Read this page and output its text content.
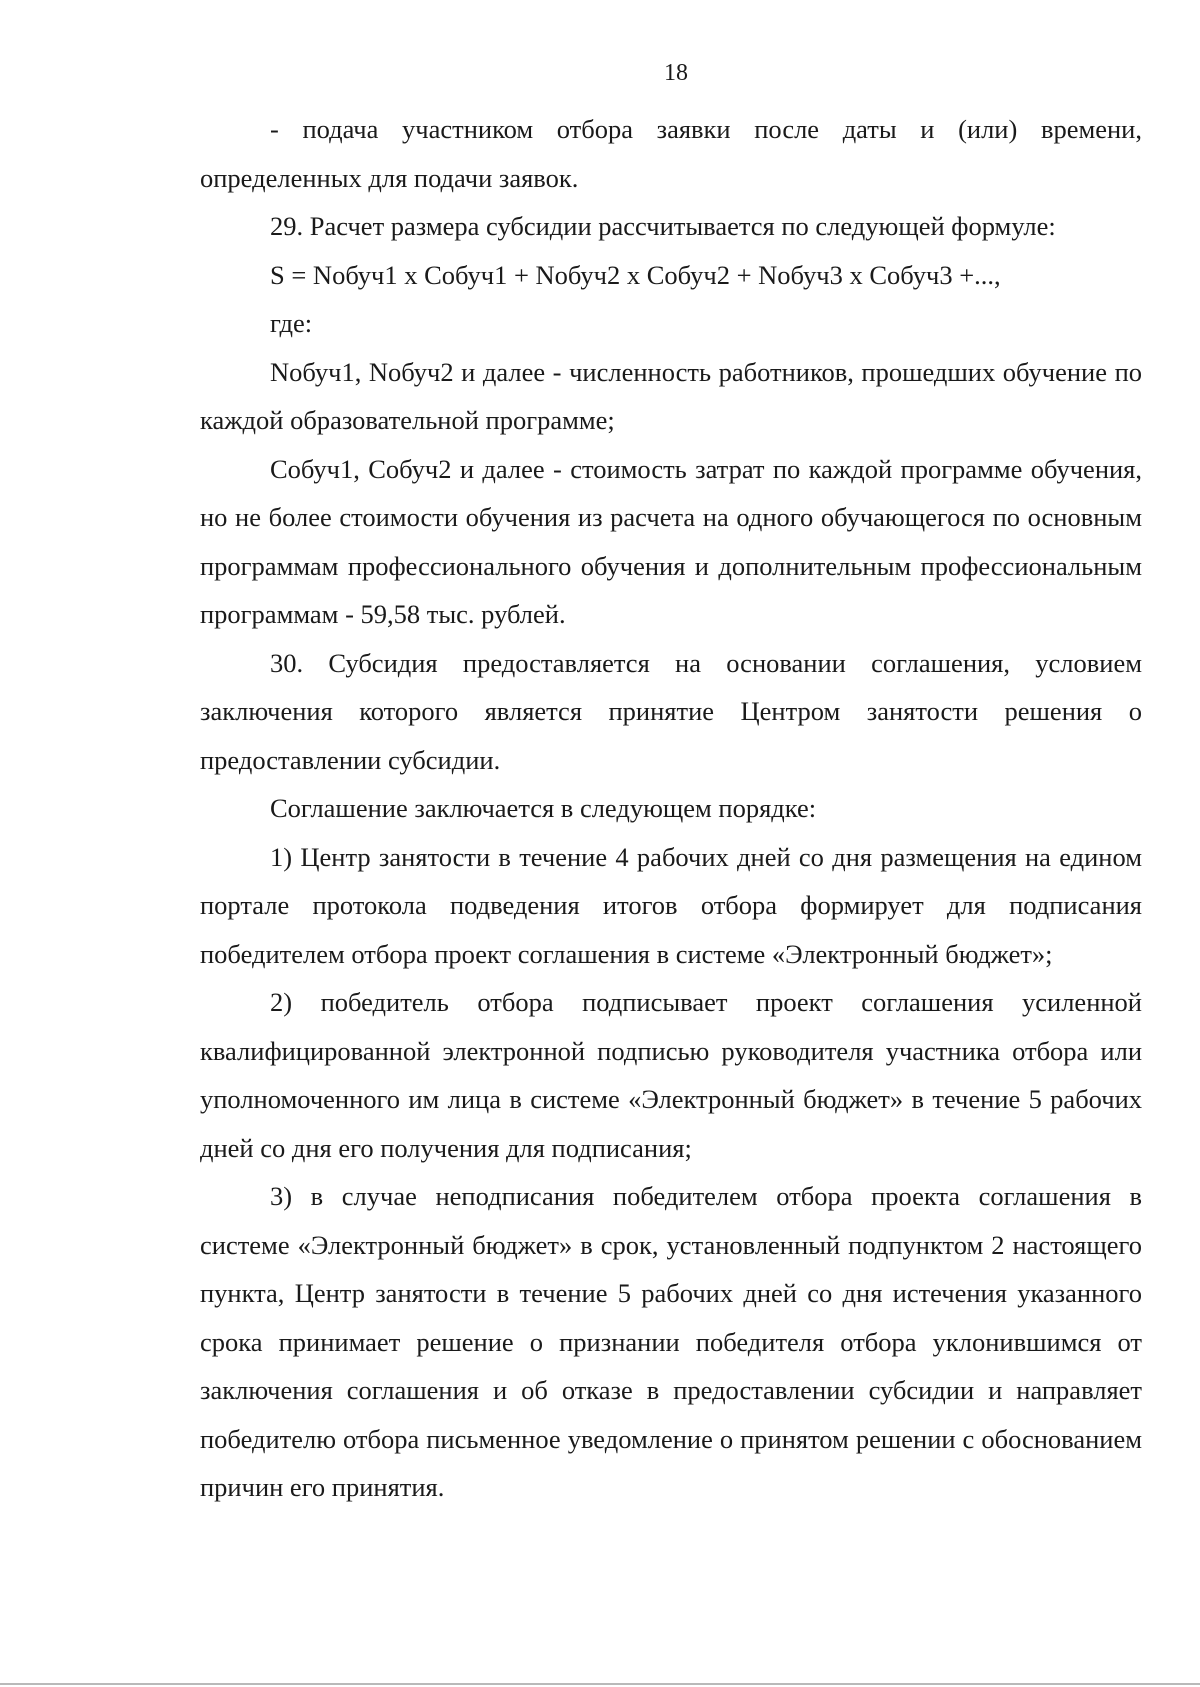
18

- подача участником отбора заявки после даты и (или) времени, определенных для подачи заявок.

29. Расчет размера субсидии рассчитывается по следующей формуле:

S = Nобуч1 x Cобуч1 + Nобуч2 x Cобуч2 + Nобуч3 x Cобуч3 +...,

где:

Nобуч1, Nобуч2 и далее - численность работников, прошедших обучение по каждой образовательной программе;

Cобуч1, Cобуч2 и далее - стоимость затрат по каждой программе обучения, но не более стоимости обучения из расчета на одного обучающегося по основным программам профессионального обучения и дополнительным профессиональным программам - 59,58 тыс. рублей.

30. Субсидия предоставляется на основании соглашения, условием заключения которого является принятие Центром занятости решения о предоставлении субсидии.

Соглашение заключается в следующем порядке:

1) Центр занятости в течение 4 рабочих дней со дня размещения на едином портале протокола подведения итогов отбора формирует для подписания победителем отбора проект соглашения в системе «Электронный бюджет»;

2) победитель отбора подписывает проект соглашения усиленной квалифицированной электронной подписью руководителя участника отбора или уполномоченного им лица в системе «Электронный бюджет» в течение 5 рабочих дней со дня его получения для подписания;

3) в случае неподписания победителем отбора проекта соглашения в системе «Электронный бюджет» в срок, установленный подпунктом 2 настоящего пункта, Центр занятости в течение 5 рабочих дней со дня истечения указанного срока принимает решение о признании победителя отбора уклонившимся от заключения соглашения и об отказе в предоставлении субсидии и направляет победителю отбора письменное уведомление о принятом решении с обоснованием причин его принятия.
